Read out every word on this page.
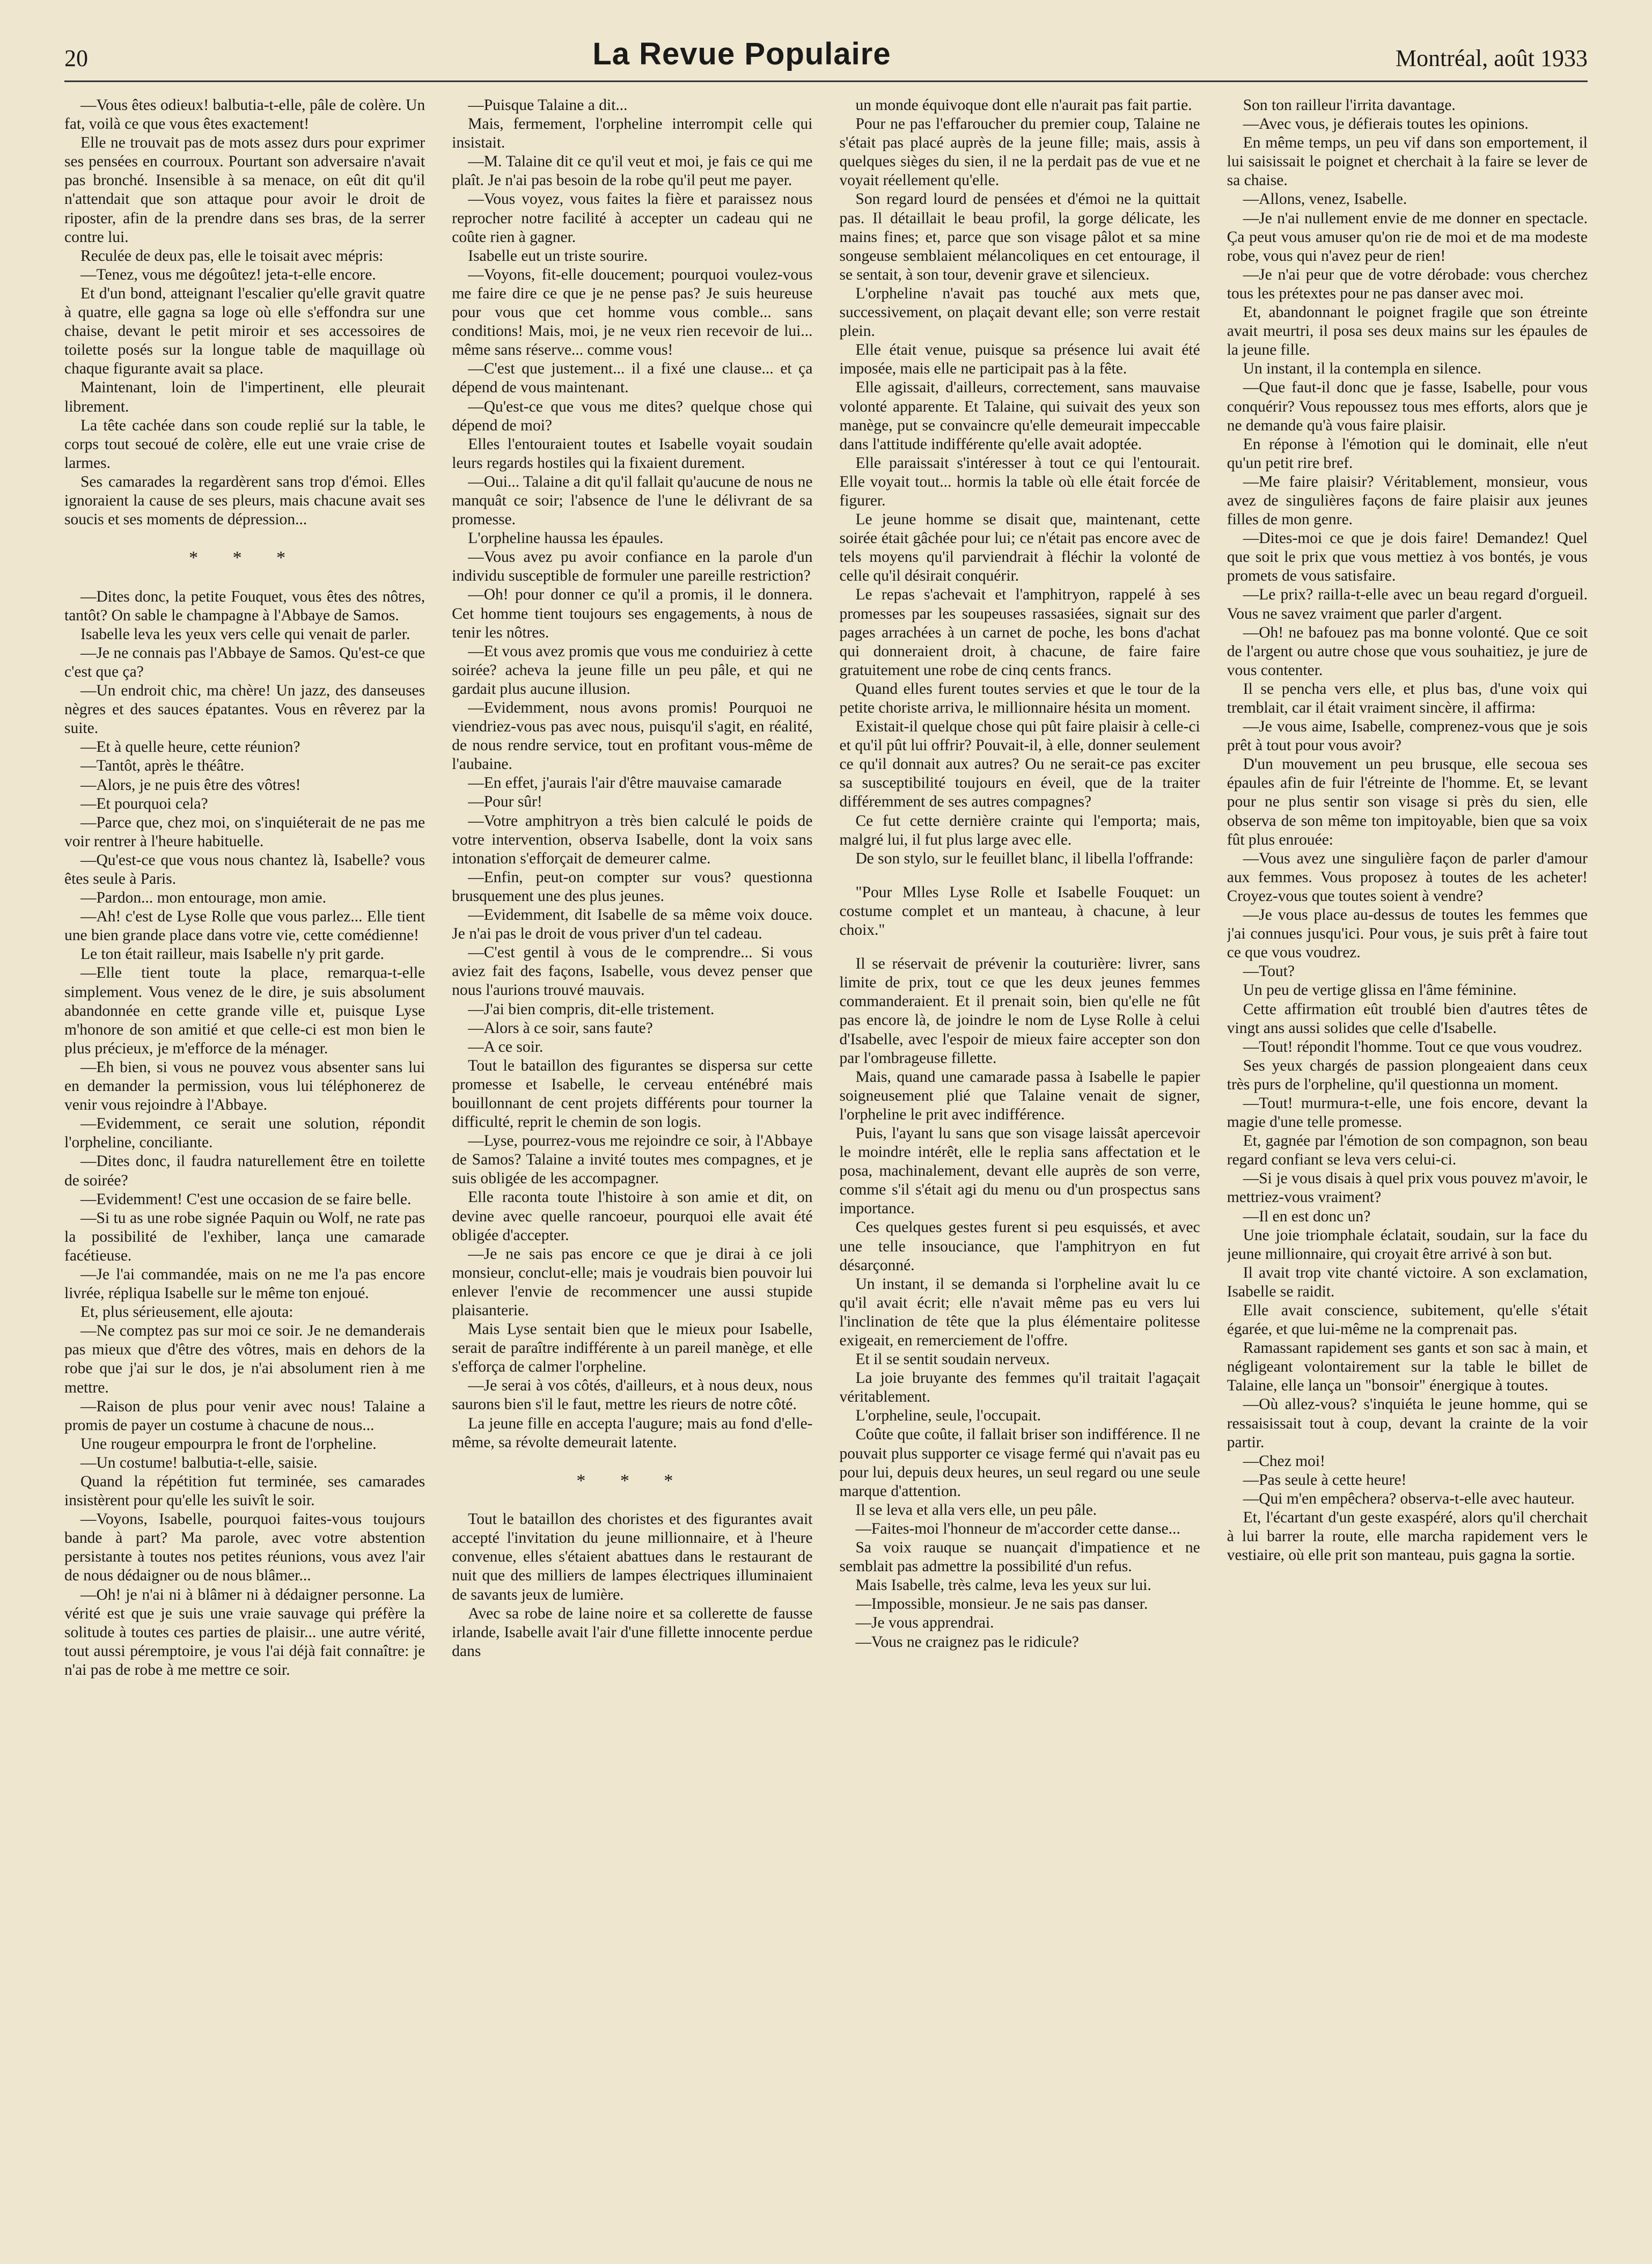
20	La Revue Populaire	Montréal, août 1933

—Vous êtes odieux! balbutia-t-elle, pâle de colère. Un fat, voilà ce que vous êtes exactement!

Elle ne trouvait pas de mots assez durs pour exprimer ses pensées en courroux. Pourtant son adversaire n'avait pas bronché. Insensible à sa menace, on eût dit qu'il n'attendait que son attaque pour avoir le droit de riposter, afin de la prendre dans ses bras, de la serrer contre lui.

Reculée de deux pas, elle le toisait avec mépris:

—Tenez, vous me dégoûtez! jeta-t-elle encore.

Et d'un bond, atteignant l'escalier qu'elle gravit quatre à quatre, elle gagna sa loge où elle s'effondra sur une chaise, devant le petit miroir et ses accessoires de toilette posés sur la longue table de maquillage où chaque figurante avait sa place.

Maintenant, loin de l'impertinent, elle pleurait librement.

La tête cachée dans son coude replié sur la table, le corps tout secoué de colère, elle eut une vraie crise de larmes.

Ses camarades la regardèrent sans trop d'émoi. Elles ignoraient la cause de ses pleurs, mais chacune avait ses soucis et ses moments de dépression...

* * *

—Dites donc, la petite Fouquet, vous êtes des nôtres, tantôt? On sable le champagne à l'Abbaye de Samos.

Isabelle leva les yeux vers celle qui venait de parler.

—Je ne connais pas l'Abbaye de Samos. Qu'est-ce que c'est que ça?

—Un endroit chic, ma chère! Un jazz, des danseuses nègres et des sauces épatantes. Vous en rêverez par la suite.

—Et à quelle heure, cette réunion?

—Tantôt, après le théâtre.

—Alors, je ne puis être des vôtres!

—Et pourquoi cela?

—Parce que, chez moi, on s'inquiéterait de ne pas me voir rentrer à l'heure habituelle.

—Qu'est-ce que vous nous chantez là, Isabelle? vous êtes seule à Paris.

—Pardon... mon entourage, mon amie.

—Ah! c'est de Lyse Rolle que vous parlez... Elle tient une bien grande place dans votre vie, cette comédienne!

Le ton était railleur, mais Isabelle n'y prit garde.

—Elle tient toute la place, remarqua-t-elle simplement. Vous venez de le dire, je suis absolument abandonnée en cette grande ville et, puisque Lyse m'honore de son amitié et que celle-ci est mon bien le plus précieux, je m'efforce de la ménager.

—Eh bien, si vous ne pouvez vous absenter sans lui en demander la permission, vous lui téléphonerez de venir vous rejoindre à l'Abbaye.

—Evidemment, ce serait une solution, répondit l'orpheline, conciliante.

—Dites donc, il faudra naturellement être en toilette de soirée?

—Evidemment! C'est une occasion de se faire belle.

—Si tu as une robe signée Paquin ou Wolf, ne rate pas la possibilité de l'exhiber, lança une camarade facétieuse.

—Je l'ai commandée, mais on ne me l'a pas encore livrée, répliqua Isabelle sur le même ton enjoué.

Et, plus sérieusement, elle ajouta:

—Ne comptez pas sur moi ce soir. Je ne demanderais pas mieux que d'être des vôtres, mais en dehors de la robe que j'ai sur le dos, je n'ai absolument rien à me mettre.

—Raison de plus pour venir avec nous! Talaine a promis de payer un costume à chacune de nous...

Une rougeur empourpra le front de l'orpheline.

—Un costume! balbutia-t-elle, saisie.

Quand la répétition fut terminée, ses camarades insistèrent pour qu'elle les suivît le soir.

—Voyons, Isabelle, pourquoi faites-vous toujours bande à part? Ma parole, avec votre abstention persistante à toutes nos petites réunions, vous avez l'air de nous dédaigner ou de nous blâmer...

—Oh! je n'ai ni à blâmer ni à dédaigner personne. La vérité est que je suis une vraie sauvage qui préfère la solitude à toutes ces parties de plaisir... une autre vérité, tout aussi péremptoire, je vous l'ai déjà fait connaître: je n'ai pas de robe à me mettre ce soir.

—Puisque Talaine a dit...

Mais, fermement, l'orpheline interrompit celle qui insistait.

—M. Talaine dit ce qu'il veut et moi, je fais ce qui me plaît. Je n'ai pas besoin de la robe qu'il peut me payer.

—Vous voyez, vous faites la fière et paraissez nous reprocher notre facilité à accepter un cadeau qui ne coûte rien à gagner.

Isabelle eut un triste sourire.

—Voyons, fit-elle doucement; pourquoi voulez-vous me faire dire ce que je ne pense pas? Je suis heureuse pour vous que cet homme vous comble... sans conditions! Mais, moi, je ne veux rien recevoir de lui... même sans réserve... comme vous!

—C'est que justement... il a fixé une clause... et ça dépend de vous maintenant.

—Qu'est-ce que vous me dites? quelque chose qui dépend de moi?

Elles l'entouraient toutes et Isabelle voyait soudain leurs regards hostiles qui la fixaient durement.

—Oui... Talaine a dit qu'il fallait qu'aucune de nous ne manquât ce soir; l'absence de l'une le délivrant de sa promesse.

L'orpheline haussa les épaules.

—Vous avez pu avoir confiance en la parole d'un individu susceptible de formuler une pareille restriction?

—Oh! pour donner ce qu'il a promis, il le donnera. Cet homme tient toujours ses engagements, à nous de tenir les nôtres.

—Et vous avez promis que vous me conduiriez à cette soirée? acheva la jeune fille un peu pâle, et qui ne gardait plus aucune illusion.

—Evidemment, nous avons promis! Pourquoi ne viendriez-vous pas avec nous, puisqu'il s'agit, en réalité, de nous rendre service, tout en profitant vous-même de l'aubaine.

—En effet, j'aurais l'air d'être mauvaise camarade

—Pour sûr!

—Votre amphitryon a très bien calculé le poids de votre intervention, observa Isabelle, dont la voix sans intonation s'efforçait de demeurer calme.

—Enfin, peut-on compter sur vous? questionna brusquement une des plus jeunes.

—Evidemment, dit Isabelle de sa même voix douce. Je n'ai pas le droit de vous priver d'un tel cadeau.

—C'est gentil à vous de le comprendre... Si vous aviez fait des façons, Isabelle, vous devez penser que nous l'aurions trouvé mauvais.

—J'ai bien compris, dit-elle tristement.

—Alors à ce soir, sans faute?

—A ce soir.

Tout le bataillon des figurantes se dispersa sur cette promesse et Isabelle, le cerveau enténébré mais bouillonnant de cent projets différents pour tourner la difficulté, reprit le chemin de son logis.

—Lyse, pourrez-vous me rejoindre ce soir, à l'Abbaye de Samos? Talaine a invité toutes mes compagnes, et je suis obligée de les accompagner.

Elle raconta toute l'histoire à son amie et dit, on devine avec quelle rancoeur, pourquoi elle avait été obligée d'accepter.

—Je ne sais pas encore ce que je dirai à ce joli monsieur, conclut-elle; mais je voudrais bien pouvoir lui enlever l'envie de recommencer une aussi stupide plaisanterie.

Mais Lyse sentait bien que le mieux pour Isabelle, serait de paraître indifférente à un pareil manège, et elle s'efforça de calmer l'orpheline.

—Je serai à vos côtés, d'ailleurs, et à nous deux, nous saurons bien s'il le faut, mettre les rieurs de notre côté.

La jeune fille en accepta l'augure; mais au fond d'elle-même, sa révolte demeurait latente.

* * *

Tout le bataillon des choristes et des figurantes avait accepté l'invitation du jeune millionnaire, et à l'heure convenue, elles s'étaient abattues dans le restaurant de nuit que des milliers de lampes électriques illuminaient de savants jeux de lumière.

Avec sa robe de laine noire et sa collerette de fausse irlande, Isabelle avait l'air d'une fillette innocente perdue dans

un monde équivoque dont elle n'aurait pas fait partie.

Pour ne pas l'effaroucher du premier coup, Talaine ne s'était pas placé auprès de la jeune fille; mais, assis à quelques sièges du sien, il ne la perdait pas de vue et ne voyait réellement qu'elle.

Son regard lourd de pensées et d'émoi ne la quittait pas. Il détaillait le beau profil, la gorge délicate, les mains fines; et, parce que son visage pâlot et sa mine songeuse semblaient mélancoliques en cet entourage, il se sentait, à son tour, devenir grave et silencieux.

L'orpheline n'avait pas touché aux mets que, successivement, on plaçait devant elle; son verre restait plein.

Elle était venue, puisque sa présence lui avait été imposée, mais elle ne participait pas à la fête.

Elle agissait, d'ailleurs, correctement, sans mauvaise volonté apparente. Et Talaine, qui suivait des yeux son manège, put se convaincre qu'elle demeurait impeccable dans l'attitude indifférente qu'elle avait adoptée.

Elle paraissait s'intéresser à tout ce qui l'entourait. Elle voyait tout... hormis la table où elle était forcée de figurer.

Le jeune homme se disait que, maintenant, cette soirée était gâchée pour lui; ce n'était pas encore avec de tels moyens qu'il parviendrait à fléchir la volonté de celle qu'il désirait conquérir.

Le repas s'achevait et l'amphitryon, rappelé à ses promesses par les soupeuses rassasiées, signait sur des pages arrachées à un carnet de poche, les bons d'achat qui donneraient droit, à chacune, de faire faire gratuitement une robe de cinq cents francs.

Quand elles furent toutes servies et que le tour de la petite choriste arriva, le millionnaire hésita un moment.

Existait-il quelque chose qui pût faire plaisir à celle-ci et qu'il pût lui offrir? Pouvait-il, à elle, donner seulement ce qu'il donnait aux autres? Ou ne serait-ce pas exciter sa susceptibilité toujours en éveil, que de la traiter différemment de ses autres compagnes?

Ce fut cette dernière crainte qui l'emporta; mais, malgré lui, il fut plus large avec elle.

De son stylo, sur le feuillet blanc, il libella l'offrande:

"Pour Mlles Lyse Rolle et Isabelle Fouquet: un costume complet et un manteau, à chacune, à leur choix."

Il se réservait de prévenir la couturière: livrer, sans limite de prix, tout ce que les deux jeunes femmes commanderaient. Et il prenait soin, bien qu'elle ne fût pas encore là, de joindre le nom de Lyse Rolle à celui d'Isabelle, avec l'espoir de mieux faire accepter son don par l'ombrageuse fillette.

Mais, quand une camarade passa à Isabelle le papier soigneusement plié que Talaine venait de signer, l'orpheline le prit avec indifférence.

Puis, l'ayant lu sans que son visage laissât apercevoir le moindre intérêt, elle le replia sans affectation et le posa, machinalement, devant elle auprès de son verre, comme s'il s'était agi du menu ou d'un prospectus sans importance.

Ces quelques gestes furent si peu esquissés, et avec une telle insouciance, que l'amphitryon en fut désarçonné.

Un instant, il se demanda si l'orpheline avait lu ce qu'il avait écrit; elle n'avait même pas eu vers lui l'inclination de tête que la plus élémentaire politesse exigeait, en remerciement de l'offre.

Et il se sentit soudain nerveux.

La joie bruyante des femmes qu'il traitait l'agaçait véritablement.

L'orpheline, seule, l'occupait.

Coûte que coûte, il fallait briser son indifférence. Il ne pouvait plus supporter ce visage fermé qui n'avait pas eu pour lui, depuis deux heures, un seul regard ou une seule marque d'attention.

Il se leva et alla vers elle, un peu pâle.

—Faites-moi l'honneur de m'accorder cette danse...

Sa voix rauque se nuançait d'impatience et ne semblait pas admettre la possibilité d'un refus.

Mais Isabelle, très calme, leva les yeux sur lui.

—Impossible, monsieur. Je ne sais pas danser.

—Je vous apprendrai.

—Vous ne craignez pas le ridicule?

Son ton railleur l'irrita davantage.

—Avec vous, je défierais toutes les opinions.

En même temps, un peu vif dans son emportement, il lui saisissait le poignet et cherchait à la faire se lever de sa chaise.

—Allons, venez, Isabelle.

—Je n'ai nullement envie de me donner en spectacle. Ça peut vous amuser qu'on rie de moi et de ma modeste robe, vous qui n'avez peur de rien!

—Je n'ai peur que de votre dérobade: vous cherchez tous les prétextes pour ne pas danser avec moi.

Et, abandonnant le poignet fragile que son étreinte avait meurtri, il posa ses deux mains sur les épaules de la jeune fille.

Un instant, il la contempla en silence.

—Que faut-il donc que je fasse, Isabelle, pour vous conquérir? Vous repoussez tous mes efforts, alors que je ne demande qu'à vous faire plaisir.

En réponse à l'émotion qui le dominait, elle n'eut qu'un petit rire bref.

—Me faire plaisir? Véritablement, monsieur, vous avez de singulières façons de faire plaisir aux jeunes filles de mon genre.

—Dites-moi ce que je dois faire! Demandez! Quel que soit le prix que vous mettiez à vos bontés, je vous promets de vous satisfaire.

—Le prix? railla-t-elle avec un beau regard d'orgueil. Vous ne savez vraiment que parler d'argent.

—Oh! ne bafouez pas ma bonne volonté. Que ce soit de l'argent ou autre chose que vous souhaitiez, je jure de vous contenter.

Il se pencha vers elle, et plus bas, d'une voix qui tremblait, car il était vraiment sincère, il affirma:

—Je vous aime, Isabelle, comprenez-vous que je sois prêt à tout pour vous avoir?

D'un mouvement un peu brusque, elle secoua ses épaules afin de fuir l'étreinte de l'homme. Et, se levant pour ne plus sentir son visage si près du sien, elle observa de son même ton impitoyable, bien que sa voix fût plus enrouée:

—Vous avez une singulière façon de parler d'amour aux femmes. Vous proposez à toutes de les acheter! Croyez-vous que toutes soient à vendre?

—Je vous place au-dessus de toutes les femmes que j'ai connues jusqu'ici. Pour vous, je suis prêt à faire tout ce que vous voudrez.

—Tout?

Un peu de vertige glissa en l'âme féminine.

Cette affirmation eût troublé bien d'autres têtes de vingt ans aussi solides que celle d'Isabelle.

—Tout! répondit l'homme. Tout ce que vous voudrez.

Ses yeux chargés de passion plongeaient dans ceux très purs de l'orpheline, qu'il questionna un moment.

—Tout! murmura-t-elle, une fois encore, devant la magie d'une telle promesse.

Et, gagnée par l'émotion de son compagnon, son beau regard confiant se leva vers celui-ci.

—Si je vous disais à quel prix vous pouvez m'avoir, le mettriez-vous vraiment?

—Il en est donc un?

Une joie triomphale éclatait, soudain, sur la face du jeune millionnaire, qui croyait être arrivé à son but.

Il avait trop vite chanté victoire. A son exclamation, Isabelle se raidit.

Elle avait conscience, subitement, qu'elle s'était égarée, et que lui-même ne la comprenait pas.

Ramassant rapidement ses gants et son sac à main, et négligeant volontairement sur la table le billet de Talaine, elle lança un "bonsoir" énergique à toutes.

—Où allez-vous? s'inquiéta le jeune homme, qui se ressaisissait tout à coup, devant la crainte de la voir partir.

—Chez moi!

—Pas seule à cette heure!

—Qui m'en empêchera? observa-t-elle avec hauteur.

Et, l'écartant d'un geste exaspéré, alors qu'il cherchait à lui barrer la route, elle marcha rapidement vers le vestiaire, où elle prit son manteau, puis gagna la sortie.
